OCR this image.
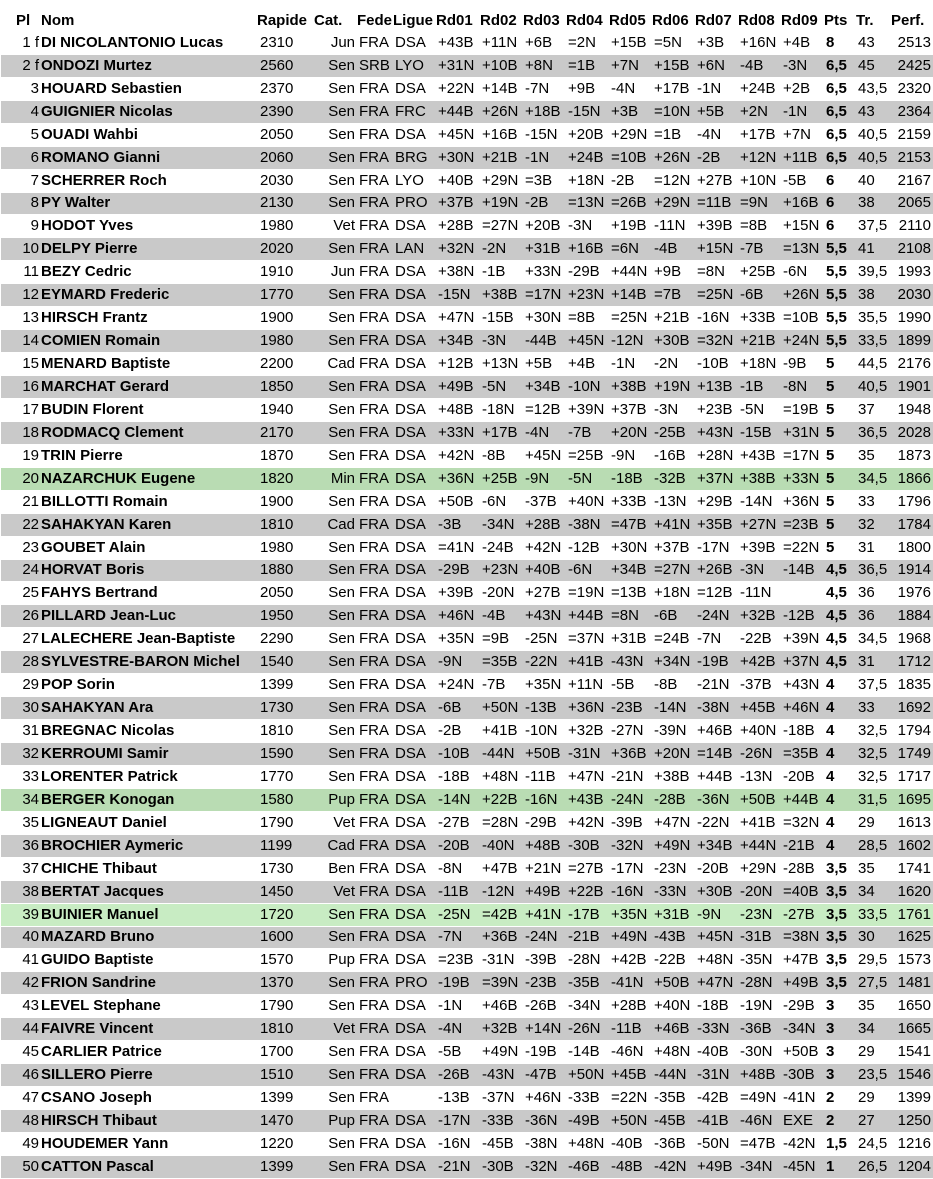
Pl	Nom	Rapide	Cat.	Fede	Ligue	Rd01	Rd02	Rd03	Rd04	Rd05	Rd06	Rd07	Rd08	Rd09	Pts	Tr.	Perf.
1 f	DI NICOLANTONIO Lucas	2310	Jun	FRA	DSA	+43B	+11N	+6B	=2N	+15B	=5N	+3B	+16N	+4B	8	43	2513
2 f	ONDOZI Murtez	2560	Sen	SRB	LYO	+31N	+10B	+8N	=1B	+7N	+15B	+6N	-4B	-3N	6,5	45	2425
3	HOUARD Sebastien	2370	Sen	FRA	DSA	+22N	+14B	-7N	+9B	-4N	+17B	-1N	+24B	+2B	6,5	43,5	2320
4	GUIGNIER Nicolas	2390	Sen	FRA	FRC	+44B	+26N	+18B	-15N	+3B	=10N	+5B	+2N	-1N	6,5	43	2364
5	OUADI Wahbi	2050	Sen	FRA	DSA	+45N	+16B	-15N	+20B	+29N	=1B	-4N	+17B	+7N	6,5	40,5	2159
6	ROMANO Gianni	2060	Sen	FRA	BRG	+30N	+21B	-1N	+24B	=10B	+26N	-2B	+12N	+11B	6,5	40,5	2153
7	SCHERRER Roch	2030	Sen	FRA	LYO	+40B	+29N	=3B	+18N	-2B	=12N	+27B	+10N	-5B	6	40	2167
8	PY Walter	2130	Sen	FRA	PRO	+37B	+19N	-2B	=13N	=26B	+29N	=11B	=9N	+16B	6	38	2065
9	HODOT Yves	1980	Vet	FRA	DSA	+28B	=27N	+20B	-3N	+19B	-11N	+39B	=8B	+15N	6	37,5	2110
10	DELPY Pierre	2020	Sen	FRA	LAN	+32N	-2N	+31B	+16B	=6N	-4B	+15N	-7B	=13N	5,5	41	2108
11	BEZY Cedric	1910	Jun	FRA	DSA	+38N	-1B	+33N	-29B	+44N	+9B	=8N	+25B	-6N	5,5	39,5	1993
12	EYMARD Frederic	1770	Sen	FRA	DSA	-15N	+38B	=17N	+23N	+14B	=7B	=25N	-6B	+26N	5,5	38	2030
13	HIRSCH Frantz	1900	Sen	FRA	DSA	+47N	-15B	+30N	=8B	=25N	+21B	-16N	+33B	=10B	5,5	35,5	1990
14	COMIEN Romain	1980	Sen	FRA	DSA	+34B	-3N	-44B	+45N	-12N	+30B	=32N	+21B	+24N	5,5	33,5	1899
15	MENARD Baptiste	2200	Cad	FRA	DSA	+12B	+13N	+5B	+4B	-1N	-2N	-10B	+18N	-9B	5	44,5	2176
16	MARCHAT Gerard	1850	Sen	FRA	DSA	+49B	-5N	+34B	-10N	+38B	+19N	+13B	-1B	-8N	5	40,5	1901
17	BUDIN Florent	1940	Sen	FRA	DSA	+48B	-18N	=12B	+39N	+37B	-3N	+23B	-5N	=19B	5	37	1948
18	RODMACQ Clement	2170	Sen	FRA	DSA	+33N	+17B	-4N	-7B	+20N	-25B	+43N	-15B	+31N	5	36,5	2028
19	TRIN Pierre	1870	Sen	FRA	DSA	+42N	-8B	+45N	=25B	-9N	-16B	+28N	+43B	=17N	5	35	1873
20	NAZARCHUK Eugene	1820	Min	FRA	DSA	+36N	+25B	-9N	-5N	-18B	-32B	+37N	+38B	+33N	5	34,5	1866
21	BILLOTTI Romain	1900	Sen	FRA	DSA	+50B	-6N	-37B	+40N	+33B	-13N	+29B	-14N	+36N	5	33	1796
22	SAHAKYAN Karen	1810	Cad	FRA	DSA	-3B	-34N	+28B	-38N	=47B	+41N	+35B	+27N	=23B	5	32	1784
23	GOUBET Alain	1980	Sen	FRA	DSA	=41N	-24B	+42N	-12B	+30N	+37B	-17N	+39B	=22N	5	31	1800
24	HORVAT Boris	1880	Sen	FRA	DSA	-29B	+23N	+40B	-6N	+34B	=27N	+26B	-3N	-14B	4,5	36,5	1914
25	FAHYS Bertrand	2050	Sen	FRA	DSA	+39B	-20N	+27B	=19N	=13B	+18N	=12B	-11N		4,5	36	1976
26	PILLARD Jean-Luc	1950	Sen	FRA	DSA	+46N	-4B	+43N	+44B	=8N	-6B	-24N	+32B	-12B	4,5	36	1884
27	LALECHERE Jean-Baptiste	2290	Sen	FRA	DSA	+35N	=9B	-25N	=37N	+31B	=24B	-7N	-22B	+39N	4,5	34,5	1968
28	SYLVESTRE-BARON Michel	1540	Sen	FRA	DSA	-9N	=35B	-22N	+41B	-43N	+34N	-19B	+42B	+37N	4,5	31	1712
29	POP Sorin	1399	Sen	FRA	DSA	+24N	-7B	+35N	+11N	-5B	-8B	-21N	-37B	+43N	4	37,5	1835
30	SAHAKYAN Ara	1730	Sen	FRA	DSA	-6B	+50N	-13B	+36N	-23B	-14N	-38N	+45B	+46N	4	33	1692
31	BREGNAC Nicolas	1810	Sen	FRA	DSA	-2B	+41B	-10N	+32B	-27N	-39N	+46B	+40N	-18B	4	32,5	1794
32	KERROUMI Samir	1590	Sen	FRA	DSA	-10B	-44N	+50B	-31N	+36B	+20N	=14B	-26N	=35B	4	32,5	1749
33	LORENTER Patrick	1770	Sen	FRA	DSA	-18B	+48N	-11B	+47N	-21N	+38B	+44B	-13N	-20B	4	32,5	1717
34	BERGER Konogan	1580	Pup	FRA	DSA	-14N	+22B	-16N	+43B	-24N	-28B	-36N	+50B	+44B	4	31,5	1695
35	LIGNEAUT Daniel	1790	Vet	FRA	DSA	-27B	=28N	-29B	+42N	-39B	+47N	-22N	+41B	=32N	4	29	1613
36	BROCHIER Aymeric	1199	Cad	FRA	DSA	-20B	-40N	+48B	-30B	-32N	+49N	+34B	+44N	-21B	4	28,5	1602
37	CHICHE Thibaut	1730	Ben	FRA	DSA	-8N	+47B	+21N	=27B	-17N	-23N	-20B	+29N	-28B	3,5	35	1741
38	BERTAT Jacques	1450	Vet	FRA	DSA	-11B	-12N	+49B	+22B	-16N	-33N	+30B	-20N	=40B	3,5	34	1620
39	BUINIER Manuel	1720	Sen	FRA	DSA	-25N	=42B	+41N	-17B	+35N	+31B	-9N	-23N	-27B	3,5	33,5	1761
40	MAZARD Bruno	1600	Sen	FRA	DSA	-7N	+36B	-24N	-21B	+49N	-43B	+45N	-31B	=38N	3,5	30	1625
41	GUIDO Baptiste	1570	Pup	FRA	DSA	=23B	-31N	-39B	-28N	+42B	-22B	+48N	-35N	+47B	3,5	29,5	1573
42	FRION Sandrine	1370	Sen	FRA	PRO	-19B	=39N	-23B	-35B	-41N	+50B	+47N	-28N	+49B	3,5	27,5	1481
43	LEVEL Stephane	1790	Sen	FRA	DSA	-1N	+46B	-26B	-34N	+28B	+40N	-18B	-19N	-29B	3	35	1650
44	FAIVRE Vincent	1810	Vet	FRA	DSA	-4N	+32B	+14N	-26N	-11B	+46B	-33N	-36B	-34N	3	34	1665
45	CARLIER Patrice	1700	Sen	FRA	DSA	-5B	+49N	-19B	-14B	-46N	+48N	-40B	-30N	+50B	3	29	1541
46	SILLERO Pierre	1510	Sen	FRA	DSA	-26B	-43N	-47B	+50N	+45B	-44N	-31N	+48B	-30B	3	23,5	1546
47	CSANO Joseph	1399	Sen	FRA		-13B	-37N	+46N	-33B	=22N	-35B	-42B	=49N	-41N	2	29	1399
48	HIRSCH Thibaut	1470	Pup	FRA	DSA	-17N	-33B	-36N	-49B	+50N	-45B	-41B	-46N	EXE	2	27	1250
49	HOUDEMER Yann	1220	Sen	FRA	DSA	-16N	-45B	-38N	+48N	-40B	-36B	-50N	=47B	-42N	1,5	24,5	1216
50	CATTON Pascal	1399	Sen	FRA	DSA	-21N	-30B	-32N	-46B	-48B	-42N	+49B	-34N	-45N	1	26,5	1204
